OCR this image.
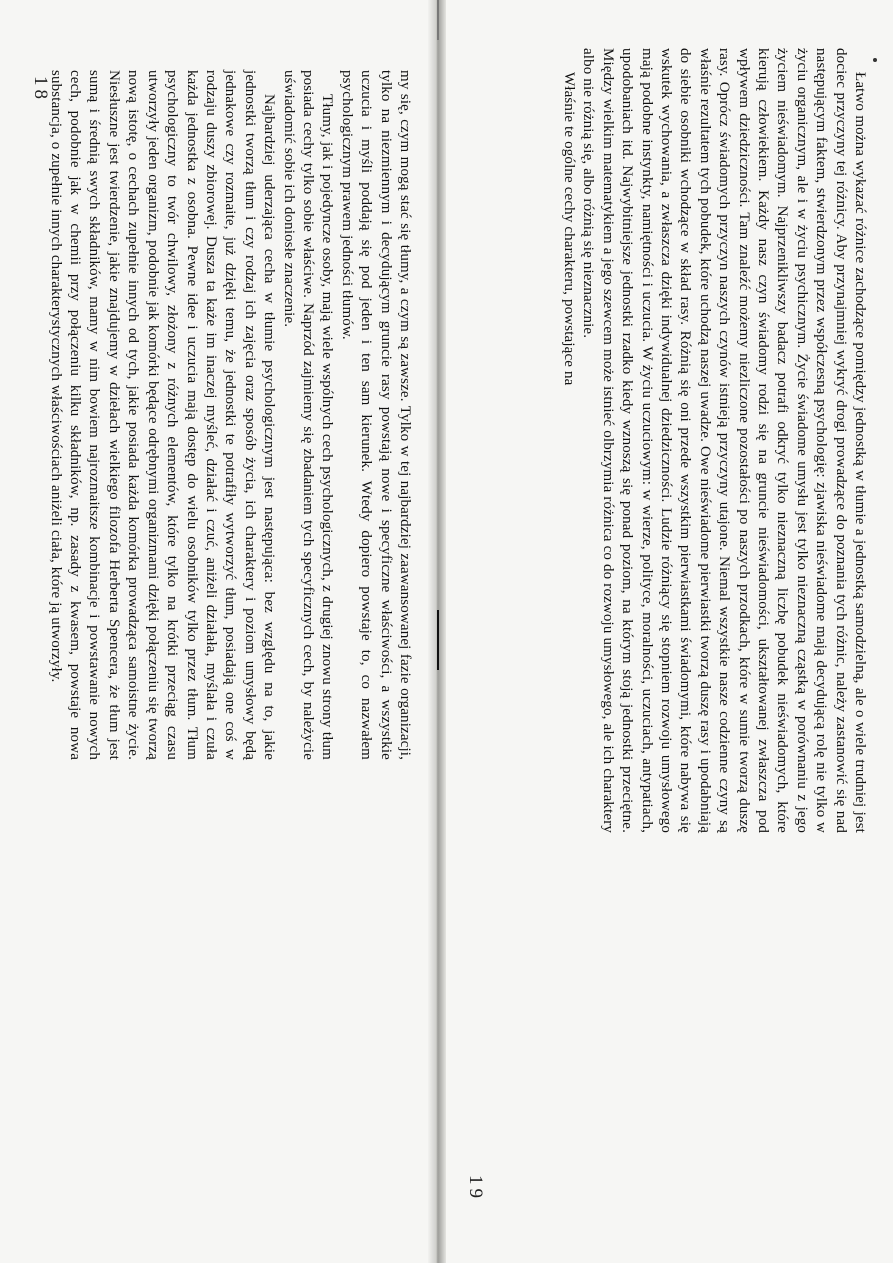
my się, czym mogą stać się tłumy, a czym są zawsze. Tylko w tej najbardziej zaawansowanej fazie organizacji, tylko na niezmiennym i decydującym gruncie rasy powstają nowe i specyficzne właściwości, a wszystkie uczucia i myśli poddają się pod jeden i ten sam kierunek. Wtedy dopiero powstaje to, co nazwałem psychologicznym prawem jedności tłumów.

Tłumy, jak i pojedyncze osoby, mają wiele wspólnych cech psychologicznych, z drugiej znowu strony tłum posiada cechy tylko sobie właściwe. Naprzód zajmiemy się zbadaniem tych specyficznych cech, by należycie uświadomić sobie ich doniosłe znaczenie.

Najbardziej uderzająca cecha w tłumie psychologicznym jest następująca: bez względu na to, jakie jednostki tworzą tłum i czy rodzaj ich zajęcia oraz sposób życia, ich charaktery i poziom umysłowy będą jednakowe czy rozmaite, już dzięki temu, że jednostki te potrafiły wytworzyć tłum, posiadają one coś w rodzaju duszy zbiorowej. Dusza ta każe im inaczej myśleć, działać i czuć, aniżeli działała, myślała i czuła każda jednostka z osobna. Pewne idee i uczucia mają dostęp do wielu osobników tylko przez tłum. Tłum psychologiczny to twór chwilowy, złożony z różnych elementów, które tylko na krótki przeciąg czasu utworzyły jeden organizm, podobnie jak komórki będące odrębnymi organizmami dzięki połączeniu się tworzą nową istotę, o cechach zupełnie innych od tych, jakie posiada każda komórka prowadząca samoistne życie. Niesłuszne jest twierdzenie, jakie znajdujemy w dziełach wielkiego filozofa Herberta Spencera, że tłum jest sumą i średnią swych składników, mamy w nim bowiem najrozmaitsze kombinacje i powstawanie nowych cech, podobnie jak w chemii przy połączeniu kilku składników, np. zasady z kwasem, powstaje nowa substancja, o zupełnie innych charakterystycznych właściwościach aniżeli ciała, które ją utworzyły.

18	Łatwo można wykazać różnice zachodzące pomiędzy jednostką w tłumie a jednostką samodzielną, ale o wiele trudniej jest dociec przyczyny tej różnicy. Aby przynajmniej wykryć drogi prowadzące do poznania tych różnic, należy zastanowić się nad następującym faktem, stwierdzonym przez współczesną psychologię: zjawiska nieświadome mają decydującą rolę nie tylko w życiu organicznym, ale i w życiu psychicznym. Życie świadome umysłu jest tylko nieznaczną cząstką w porównaniu z jego życiem nieświadomym. Najprzenikliwszy badacz potrafi odkryć tylko nieznaczną liczbę pobudek nieświadomych, które kierują człowiekiem. Każdy nasz czyn świadomy rodzi się na gruncie nieświadomości, ukształtowanej zwłaszcza pod wpływem dziedziczności. Tam znaleźć możemy niezliczone pozostałości po naszych przodkach, które w sumie tworzą duszę rasy. Oprócz świadomych przyczyn naszych czynów istnieją przyczyny utajone. Niemal wszystkie nasze codzienne czyny są właśnie rezultatem tych pobudek, które uchodzą naszej uwadze. Owe nieświadome pierwiastki tworzą duszę rasy i upodabniają do siebie osobniki wchodzące w skład rasy. Różnią się oni przede wszystkim pierwiastkami świadomymi, które nabywa się wskutek wychowania, a zwłaszcza dzięki indywidualnej dziedziczności. Ludzie różniący się stopniem rozwoju umysłowego mają podobne instynkty, namiętności i uczucia. W życiu uczuciowym: w wierze, polityce, moralności, uczuciach, antypatiach, upodobaniach itd. Najwybitniejsze jednostki rzadko kiedy wznoszą się ponad poziom, na którym stoją jednostki przeciętne. Między wielkim matematykiem a jego szewcem może istnieć olbrzymia różnica co do rozwoju umysłowego, ale ich charaktery albo nie różnią się, albo różnią się nieznacznie.

Właśnie te ogólne cechy charakteru, powstające na

19
